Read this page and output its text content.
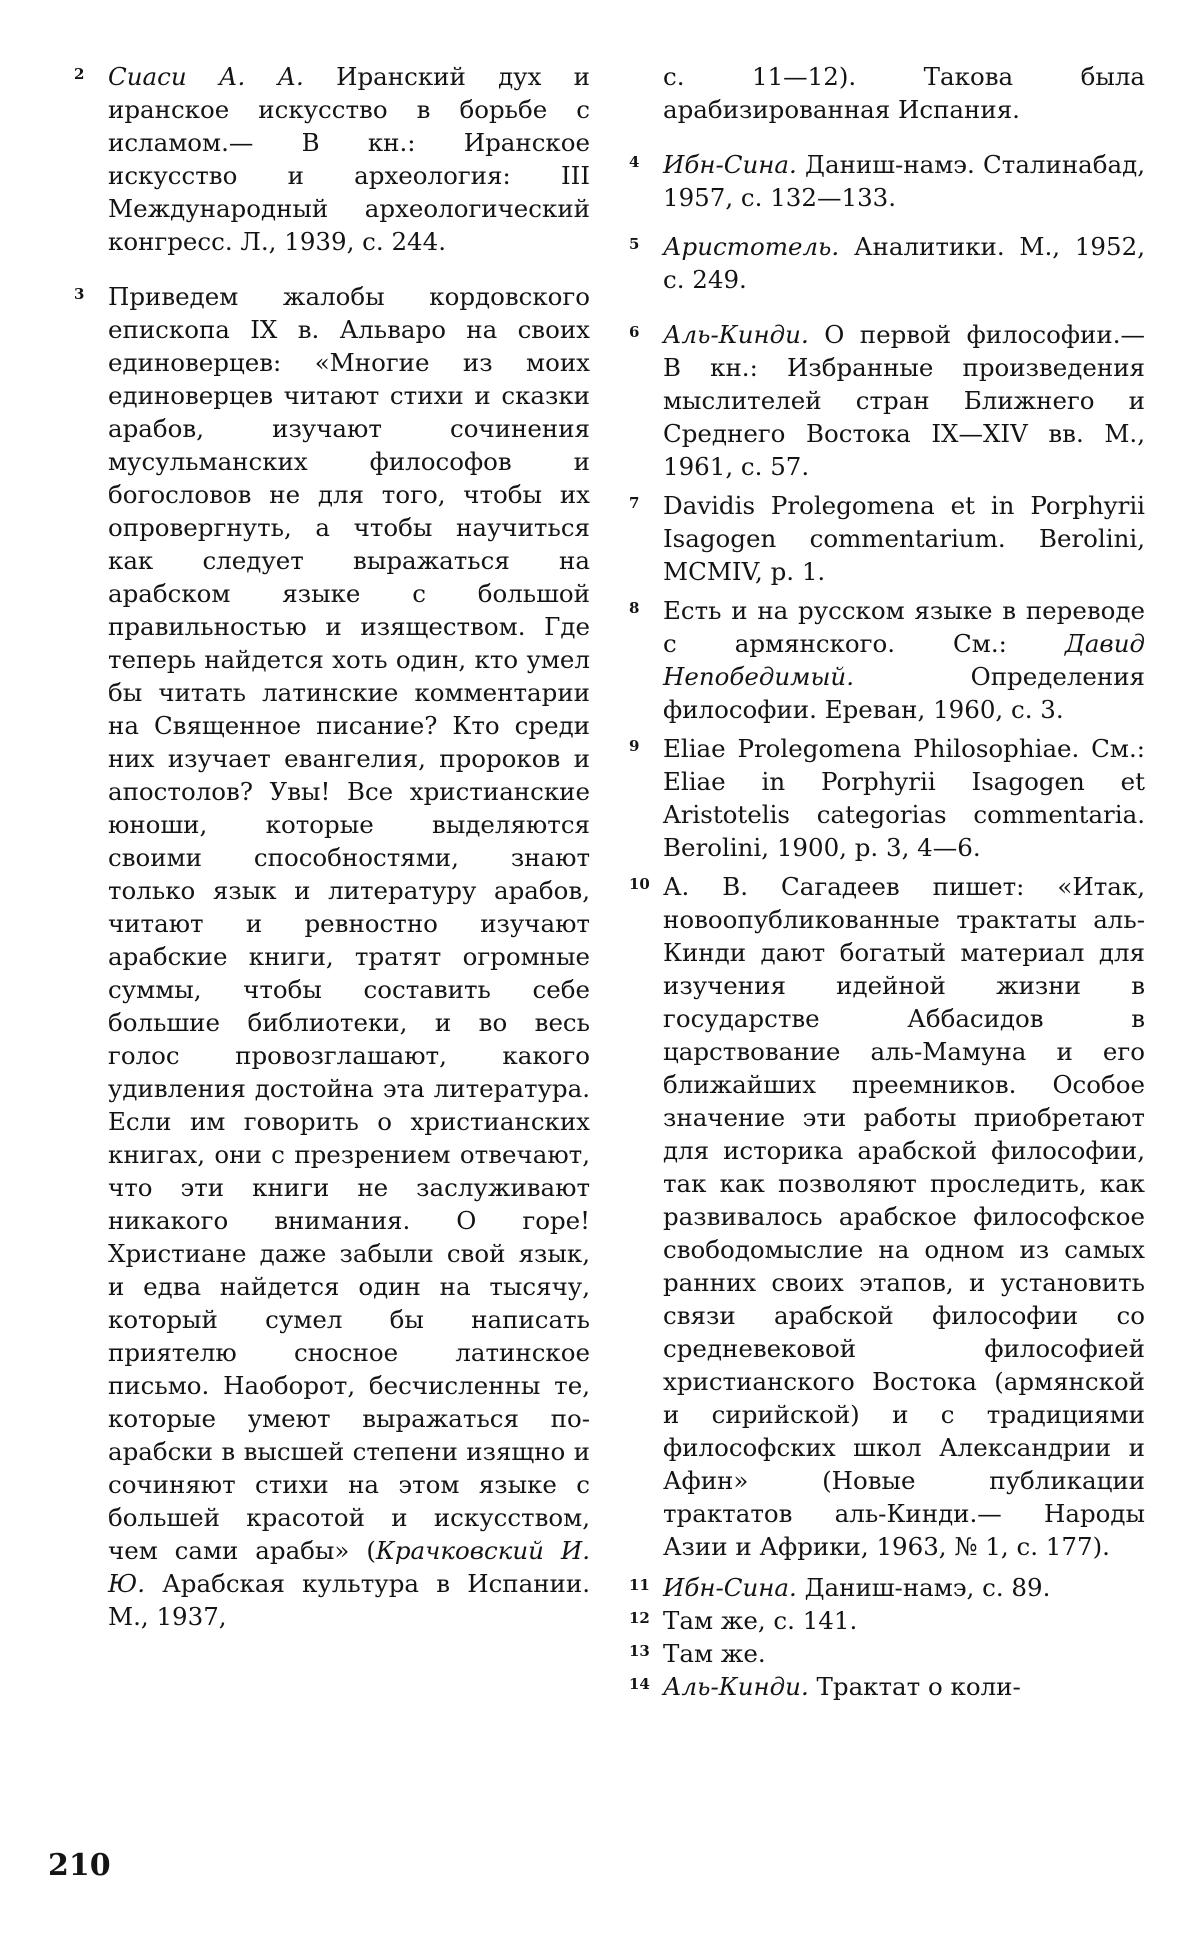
2 Сиаси А. А. Иранский дух и иранское искусство в борьбе с исламом.— В кн.: Иранское искусство и археология: III Международный археологический конгресс. Л., 1939, с. 244.
3 Приведем жалобы кордовского епископа IX в. Альваро на своих единоверцев: «Многие из моих единоверцев читают стихи и сказки арабов, изучают сочинения мусульманских философов и богословов не для того, чтобы их опровергнуть, а чтобы научиться как следует выражаться на арабском языке с большой правильностью и изяществом. Где теперь найдется хоть один, кто умел бы читать латинские комментарии на Священное писание? Кто среди них изучает евангелия, пророков и апостолов? Увы! Все христианские юноши, которые выделяются своими способностями, знают только язык и литературу арабов, читают и ревностно изучают арабские книги, тратят огромные суммы, чтобы составить себе большие библиотеки, и во весь голос провозглашают, какого удивления достойна эта литература. Если им говорить о христианских книгах, они с презрением отвечают, что эти книги не заслуживают никакого внимания. О горе! Христиане даже забыли свой язык, и едва найдется один на тысячу, который сумел бы написать приятелю сносное латинское письмо. Наоборот, бесчисленны те, которые умеют выражаться по-арабски в высшей степени изящно и сочиняют стихи на этом языке с большей красотой и искусством, чем сами арабы» (Крачковский И. Ю. Арабская культура в Испании. М., 1937,
с. 11—12). Такова была арабизированная Испания.
4 Ибн-Сина. Даниш-намэ. Сталинабад, 1957, с. 132—133.
5 Аристотель. Аналитики. М., 1952, с. 249.
6 Аль-Кинди. О первой философии.— В кн.: Избранные произведения мыслителей стран Ближнего и Среднего Востока IX—XIV вв. М., 1961, с. 57.
7 Davidis Prolegomena et in Porphyrii Isagogen commentarium. Berolini, MCMIV, p. 1.
8 Есть и на русском языке в переводе с армянского. См.: Давид Непобедимый. Определения философии. Ереван, 1960, с. 3.
9 Eliae Prolegomena Philosophiae. См.: Eliae in Porphyrii Isagogen et Aristotelis categorias commentaria. Berolini, 1900, p. 3, 4—6.
10 А. В. Сагадеев пишет: «Итак, новоопубликованные трактаты аль-Кинди дают богатый материал для изучения идейной жизни в государстве Аббасидов в царствование аль-Мамуна и его ближайших преемников. Особое значение эти работы приобретают для историка арабской философии, так как позволяют проследить, как развивалось арабское философское свободомыслие на одном из самых ранних своих этапов, и установить связи арабской философии со средневековой философией христианского Востока (армянской и сирийской) и с традициями философских школ Александрии и Афин» (Новые публикации трактатов аль-Кинди.— Народы Азии и Африки, 1963, № 1, с. 177).
11 Ибн-Сина. Даниш-намэ, с. 89.
12 Там же, с. 141.
13 Там же.
14 Аль-Кинди. Трактат о коли-
210
